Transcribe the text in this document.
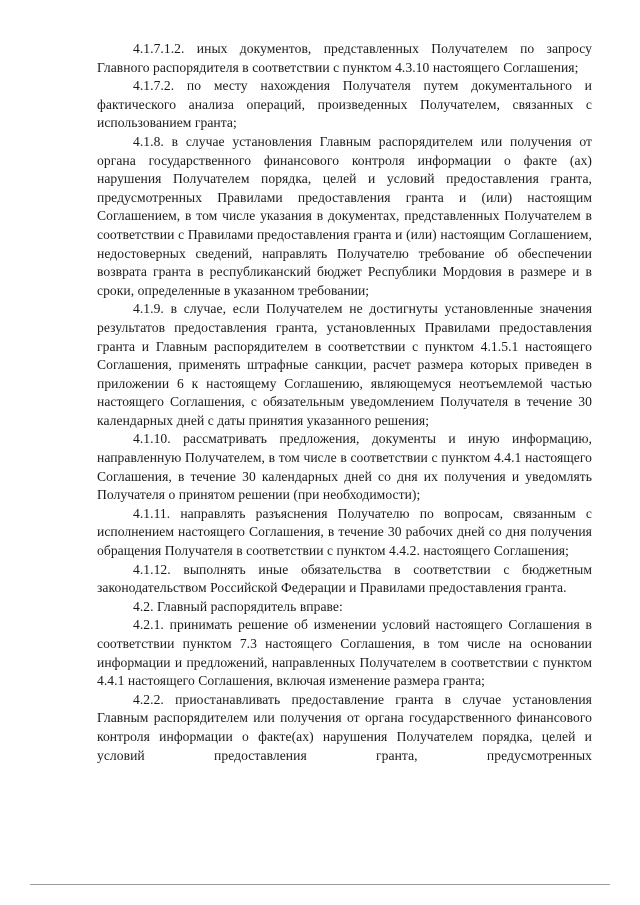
4.1.7.1.2. иных документов, представленных Получателем по запросу Главного распорядителя в соответствии с пунктом 4.3.10 настоящего Соглашения;

4.1.7.2. по месту нахождения Получателя путем документального и фактического анализа операций, произведенных Получателем, связанных с использованием гранта;

4.1.8. в случае установления Главным распорядителем или получения от органа государственного финансового контроля информации о факте (ах) нарушения Получателем порядка, целей и условий предоставления гранта, предусмотренных Правилами предоставления гранта и (или) настоящим Соглашением, в том числе указания в документах, представленных Получателем в соответствии с Правилами предоставления гранта и (или) настоящим Соглашением, недостоверных сведений, направлять Получателю требование об обеспечении возврата гранта в республиканский бюджет Республики Мордовия в размере и в сроки, определенные в указанном требовании;

4.1.9. в случае, если Получателем не достигнуты установленные значения результатов предоставления гранта, установленных Правилами предоставления гранта и Главным распорядителем в соответствии с пунктом 4.1.5.1 настоящего Соглашения, применять штрафные санкции, расчет размера которых приведен в приложении 6 к настоящему Соглашению, являющемуся неотъемлемой частью настоящего Соглашения, с обязательным уведомлением Получателя в течение 30 календарных дней с даты принятия указанного решения;

4.1.10. рассматривать предложения, документы и иную информацию, направленную Получателем, в том числе в соответствии с пунктом 4.4.1 настоящего Соглашения, в течение 30 календарных дней со дня их получения и уведомлять Получателя о принятом решении (при необходимости);

4.1.11. направлять разъяснения Получателю по вопросам, связанным с исполнением настоящего Соглашения, в течение 30 рабочих дней со дня получения обращения Получателя в соответствии с пунктом 4.4.2. настоящего Соглашения;

4.1.12. выполнять иные обязательства в соответствии с бюджетным законодательством Российской Федерации и Правилами предоставления гранта.

4.2. Главный распорядитель вправе:

4.2.1. принимать решение об изменении условий настоящего Соглашения в соответствии пунктом 7.3 настоящего Соглашения, в том числе на основании информации и предложений, направленных Получателем в соответствии с пунктом 4.4.1 настоящего Соглашения, включая изменение размера гранта;

4.2.2. приостанавливать предоставление гранта в случае установления Главным распорядителем или получения от органа государственного финансового контроля информации о факте(ах) нарушения Получателем порядка, целей и условий предоставления гранта, предусмотренных
